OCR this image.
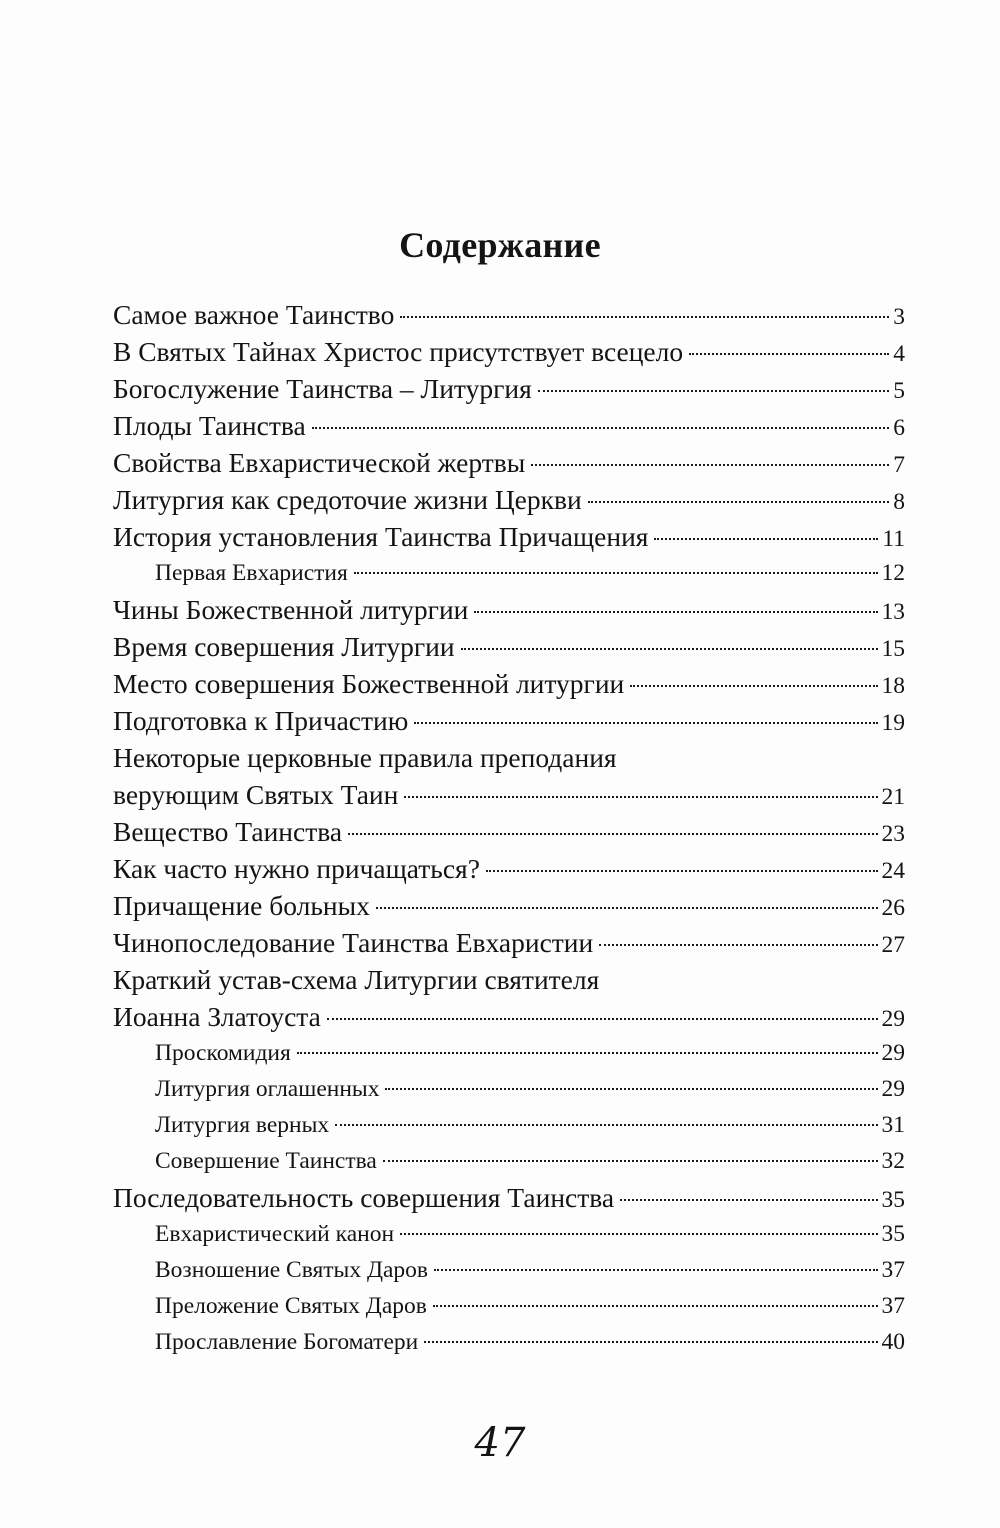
Содержание
Самое важное Таинство	3
В Святых Тайнах Христос присутствует всецело	4
Богослужение Таинства – Литургия	5
Плоды Таинства	6
Свойства Евхаристической жертвы	7
Литургия как средоточие жизни Церкви	8
История установления Таинства Причащения	11
Первая Евхаристия	12
Чины Божественной литургии	13
Время совершения Литургии	15
Место совершения Божественной литургии	18
Подготовка к Причастию	19
Некоторые церковные правила преподания
верующим Святых Таин	21
Вещество Таинства	23
Как часто нужно причащаться?	24
Причащение больных	26
Чинопоследование Таинства Евхаристии	27
Краткий устав-схема Литургии святителя
Иоанна Златоуста	29
Проскомидия	29
Литургия оглашенных	29
Литургия верных	31
Совершение Таинства	32
Последовательность совершения Таинства	35
Евхаристический канон	35
Возношение Святых Даров	37
Преложение Святых Даров	37
Прославление Богоматери	40
47
